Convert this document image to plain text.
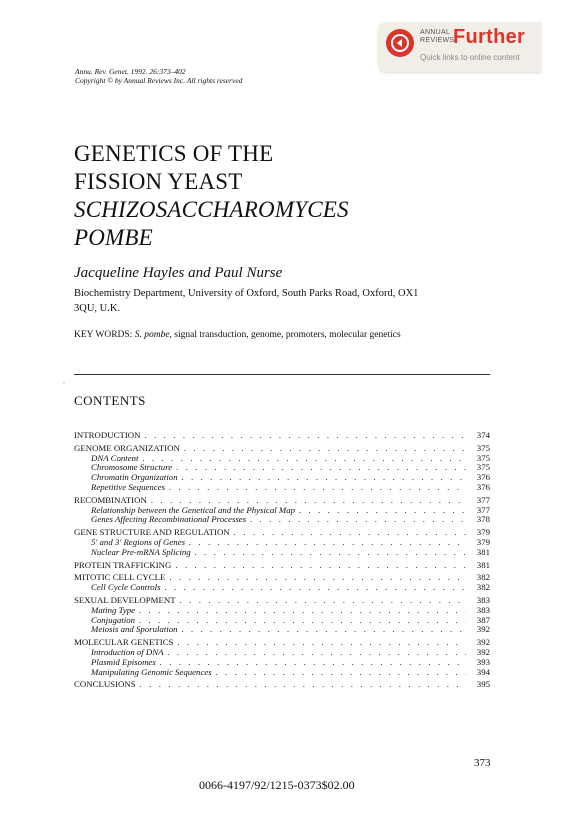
ANNUAL
REVIEWS
Further
Quick links to online content
Annu. Rev. Genet. 1992. 26:373–402
Copyright © by Annual Reviews Inc. All rights reserved
GENETICS OF THE
FISSION YEAST
SCHIZOSACCHAROMYCES
POMBE
Jacqueline Hayles and Paul Nurse
Biochemistry Department, University of Oxford, South Parks Road, Oxford, OX1
3QU, U.K.
KEY WORDS: S. pombe, signal transduction, genome, promoters, molecular genetics
‘
CONTENTS
INTRODUCTION . . .	374
GENOME ORGANIZATION . . .	375
DNA Content . . .	375
Chromosome Structure . . .	375
Chromatin Organization . . .	376
Repetitive Sequences . . .	376
RECOMBINATION . . .	377
Relationship between the Genetical and the Physical Map . . .	377
Genes Affecting Recombinational Processes . . .	378
GENE STRUCTURE AND REGULATION . . .	379
5′ and 3′ Regions of Genes . . .	379
Nuclear Pre-mRNA Splicing . . .	381
PROTEIN TRAFFICKING . . .	381
MITOTIC CELL CYCLE . . .	382
Cell Cycle Controls . . .	382
SEXUAL DEVELOPMENT . . .	383
Mating Type . . .	383
Conjugation . . .	387
Meiosis and Sporulation . . .	392
MOLECULAR GENETICS . . .	392
Introduction of DNA . . .	392
Plasmid Episomes . . .	393
Manipulating Genomic Sequences . . .	394
CONCLUSIONS . . .	395
373
0066-4197/92/1215-0373$02.00
